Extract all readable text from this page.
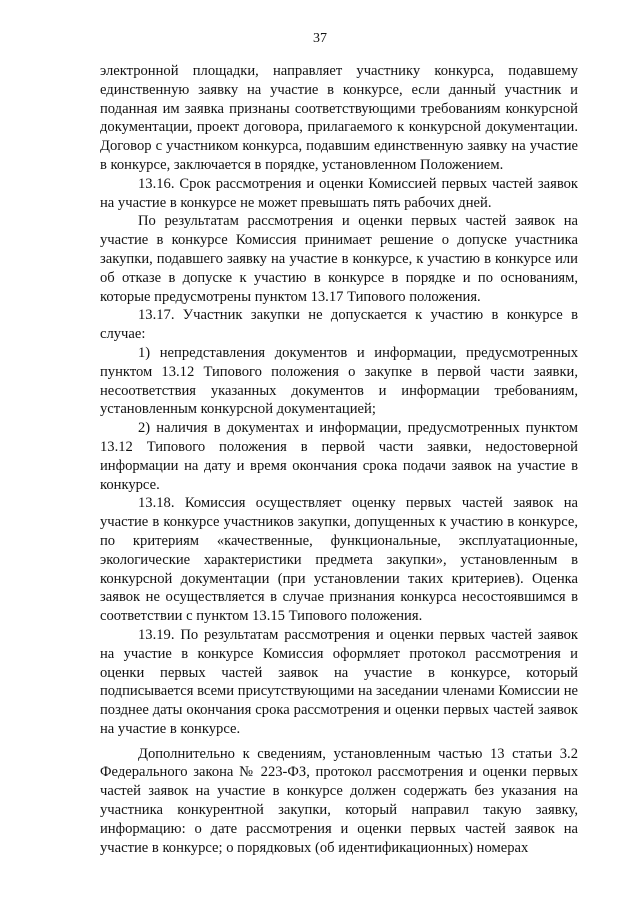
37

электронной площадки, направляет участнику конкурса, подавшему единственную заявку на участие в конкурсе, если данный участник и поданная им заявка признаны соответствующими требованиям конкурсной документации, проект договора, прилагаемого к конкурсной документации. Договор с участником конкурса, подавшим единственную заявку на участие в конкурсе, заключается в порядке, установленном Положением.

13.16. Срок рассмотрения и оценки Комиссией первых частей заявок на участие в конкурсе не может превышать пять рабочих дней.

По результатам рассмотрения и оценки первых частей заявок на участие в конкурсе Комиссия принимает решение о допуске участника закупки, подавшего заявку на участие в конкурсе, к участию в конкурсе или об отказе в допуске к участию в конкурсе в порядке и по основаниям, которые предусмотрены пунктом 13.17 Типового положения.

13.17. Участник закупки не допускается к участию в конкурсе в случае:

1) непредставления документов и информации, предусмотренных пунктом 13.12 Типового положения о закупке в первой части заявки, несоответствия указанных документов и информации требованиям, установленным конкурсной документацией;

2) наличия в документах и информации, предусмотренных пунктом 13.12 Типового положения в первой части заявки, недостоверной информации на дату и время окончания срока подачи заявок на участие в конкурсе.

13.18. Комиссия осуществляет оценку первых частей заявок на участие в конкурсе участников закупки, допущенных к участию в конкурсе, по критериям «качественные, функциональные, эксплуатационные, экологические характеристики предмета закупки», установленным в конкурсной документации (при установлении таких критериев). Оценка заявок не осуществляется в случае признания конкурса несостоявшимся в соответствии с пунктом 13.15 Типового положения.

13.19. По результатам рассмотрения и оценки первых частей заявок на участие в конкурсе Комиссия оформляет протокол рассмотрения и оценки первых частей заявок на участие в конкурсе, который подписывается всеми присутствующими на заседании членами Комиссии не позднее даты окончания срока рассмотрения и оценки первых частей заявок на участие в конкурсе.

Дополнительно к сведениям, установленным частью 13 статьи 3.2 Федерального закона № 223-ФЗ, протокол рассмотрения и оценки первых частей заявок на участие в конкурсе должен содержать без указания на участника конкурентной закупки, который направил такую заявку, информацию: о дате рассмотрения и оценки первых частей заявок на участие в конкурсе; о порядковых (об идентификационных) номерах
